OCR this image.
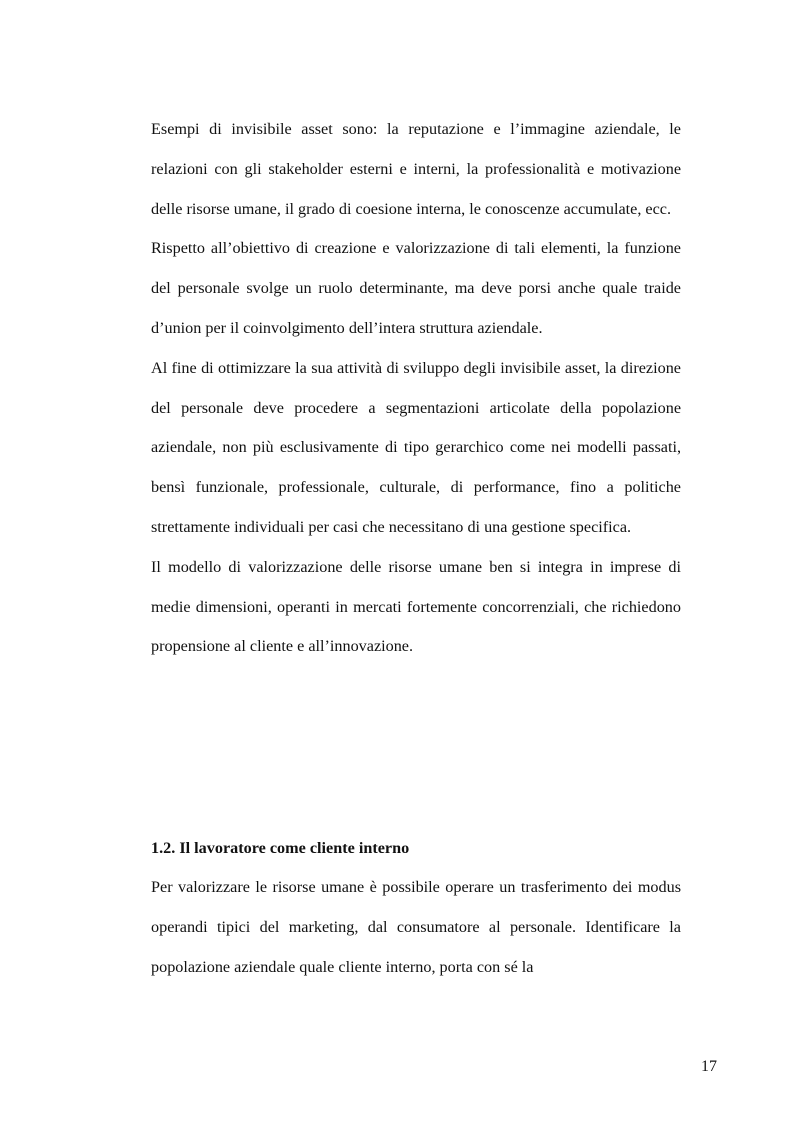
Esempi di invisibile asset sono: la reputazione e l’immagine aziendale, le relazioni con gli stakeholder esterni e interni, la professionalità e motivazione delle risorse umane, il grado di coesione interna, le conoscenze accumulate, ecc.

Rispetto all’obiettivo di creazione e valorizzazione di tali elementi, la funzione del personale svolge un ruolo determinante, ma deve porsi anche quale traide d’union per il coinvolgimento dell’intera struttura aziendale.

Al fine di ottimizzare la sua attività di sviluppo degli invisibile asset, la direzione del personale deve procedere a segmentazioni articolate della popolazione aziendale, non più esclusivamente di tipo gerarchico come nei modelli passati, bensì funzionale, professionale, culturale, di performance, fino a politiche strettamente individuali per casi che necessitano di una gestione specifica.

Il modello di valorizzazione delle risorse umane ben si integra in imprese di medie dimensioni, operanti in mercati fortemente concorrenziali, che richiedono propensione al cliente e all’innovazione.

1.2. Il lavoratore come cliente interno

Per valorizzare le risorse umane è possibile operare un trasferimento dei modus operandi tipici del marketing, dal consumatore al personale. Identificare la popolazione aziendale quale cliente interno, porta con sé la

17
